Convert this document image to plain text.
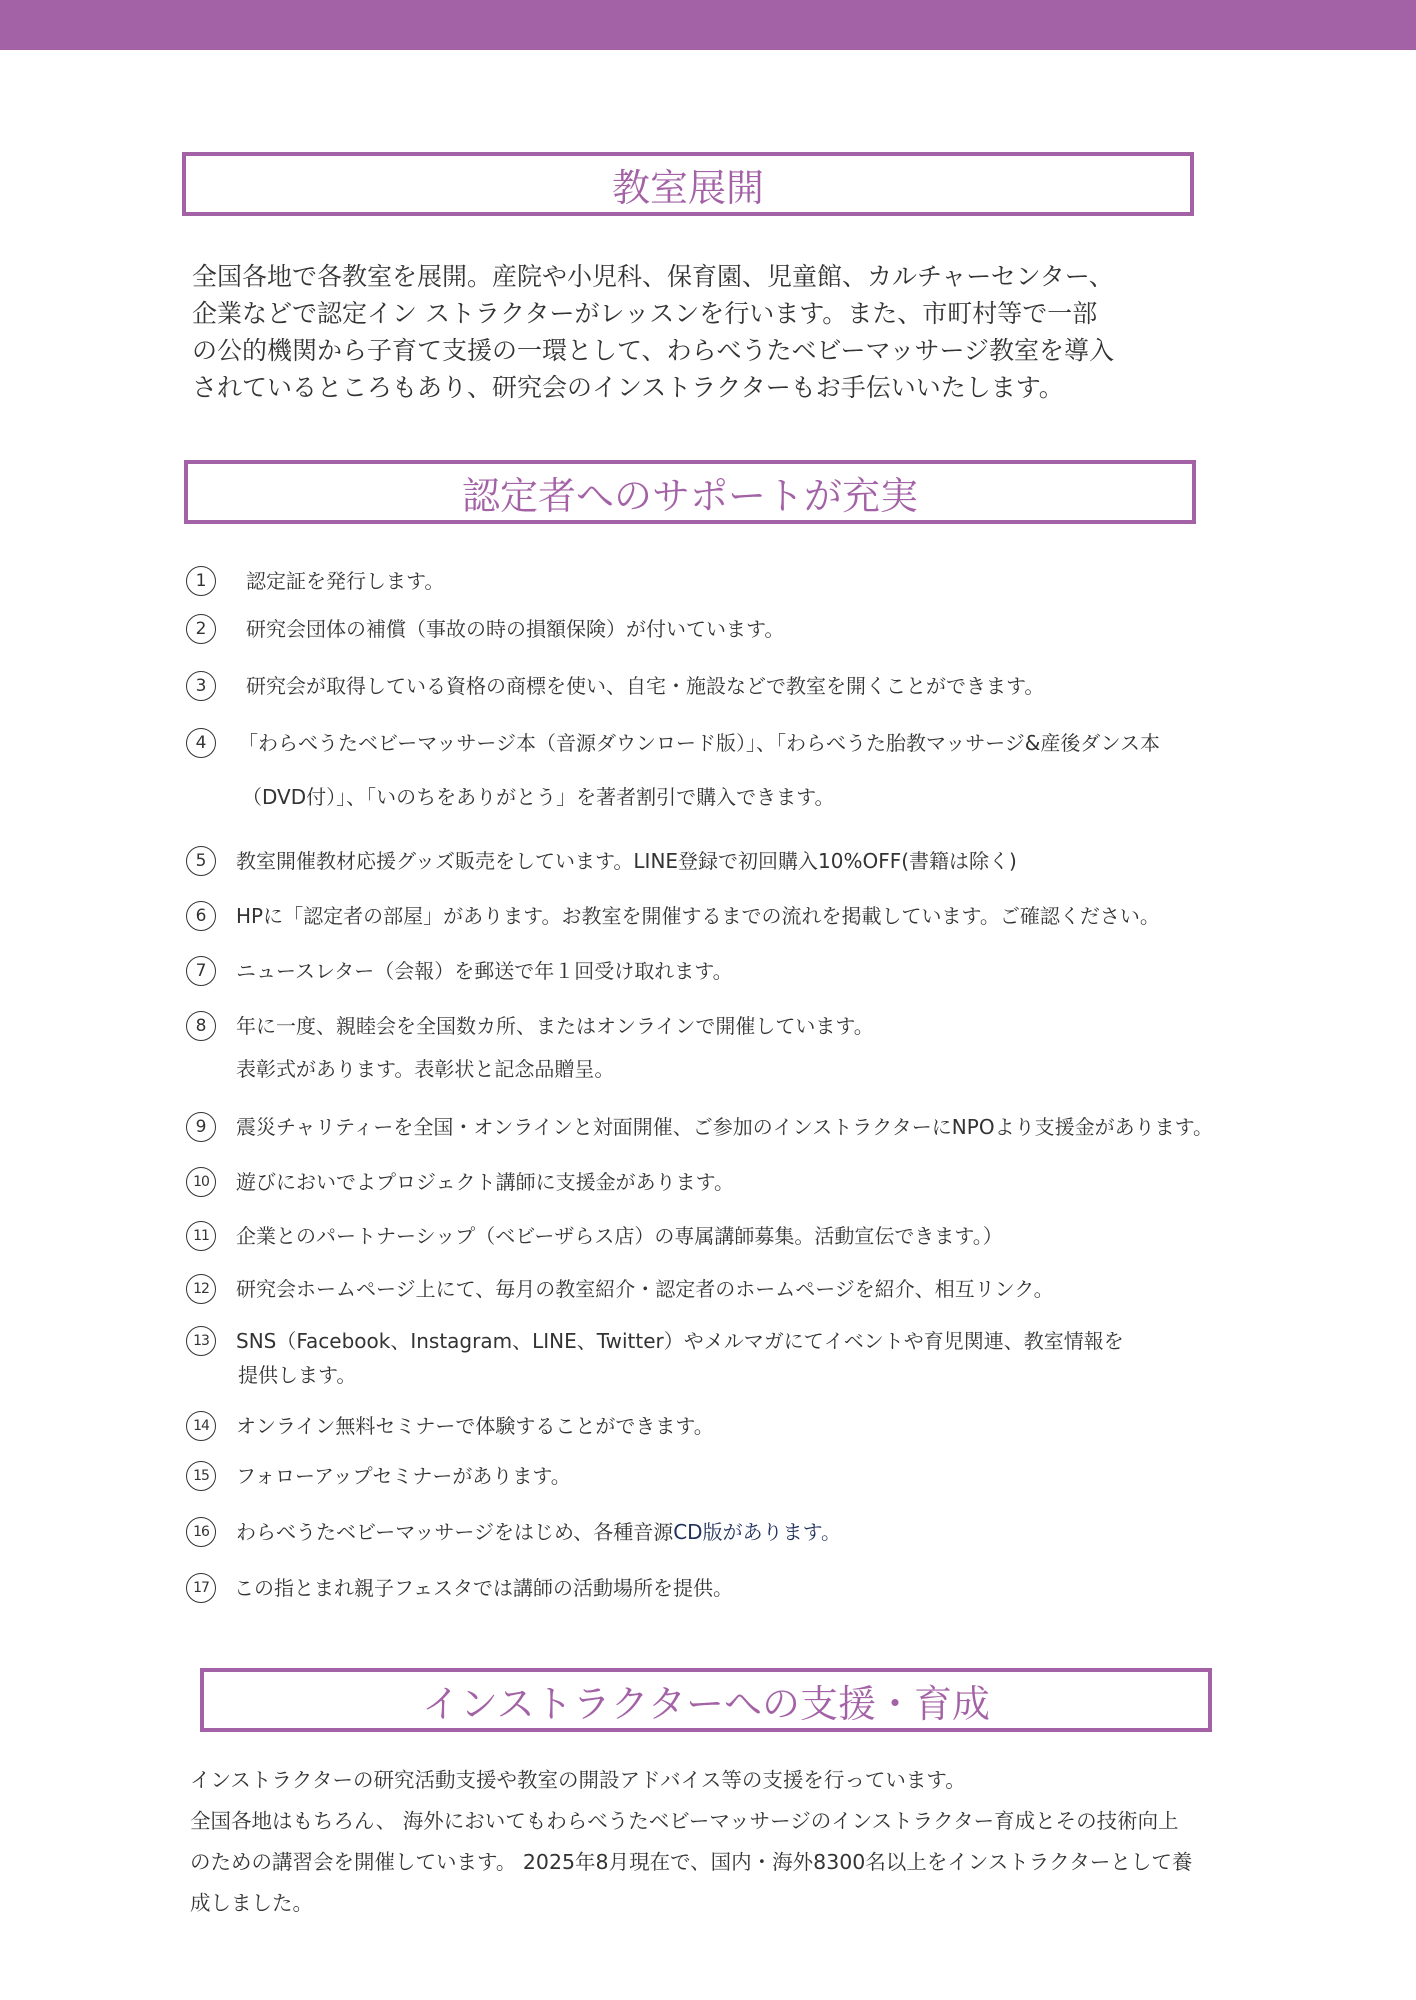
教室展開

全国各地で各教室を展開。産院や小児科、保育園、児童館、カルチャーセンター、

企業などで認定イン ストラクターがレッスンを行います。また、市町村等で一部

の公的機関から子育て支援の一環として、わらべうたベビーマッサージ教室を導入

されているところもあり、研究会のインストラクターもお手伝いいたします。

認定者へのサポートが充実
1	認定証を発行します。
2	研究会団体の補償（事故の時の損額保険）が付いています。
3	研究会が取得している資格の商標を使い、自宅・施設などで教室を開くことができます。
4	「わらべうたベビーマッサージ本（音源ダウンロード版）」、「わらべうた胎教マッサージ&産後ダンス本
（DVD付）」、「いのちをありがとう」を著者割引で購入できます。
5	教室開催教材応援グッズ販売をしています。LINE登録で初回購入10%OFF(書籍は除く)
6	HPに「認定者の部屋」があります。お教室を開催するまでの流れを掲載しています。ご確認ください。
7	ニュースレター（会報）を郵送で年１回受け取れます。
8	年に一度、親睦会を全国数カ所、またはオンラインで開催しています。
表彰式があります。表彰状と記念品贈呈。
9	震災チャリティーを全国・オンラインと対面開催、ご参加のインストラクターにNPOより支援金があります。
10	遊びにおいでよプロジェクト講師に支援金があります。
11	企業とのパートナーシップ（ベビーザらス店）の専属講師募集。活動宣伝できます。）
12	研究会ホームページ上にて、毎月の教室紹介・認定者のホームページを紹介、相互リンク。
13	SNS（Facebook、Instagram、LINE、Twitter）やメルマガにてイベントや育児関連、教室情報を
提供します。
14	オンライン無料セミナーで体験することができます。
15	フォローアップセミナーがあります。
16	わらべうたベビーマッサージをはじめ、各種音源CD版があります。
17	この指とまれ親子フェスタでは講師の活動場所を提供。
インストラクターへの支援・育成

インストラクターの研究活動支援や教室の開設アドバイス等の支援を行っています。

全国各地はもちろん、 海外においてもわらべうたベビーマッサージのインストラクター育成とその技術向上

のための講習会を開催しています。 2025年8月現在で、国内・海外8300名以上をインストラクターとして養

成しました。
